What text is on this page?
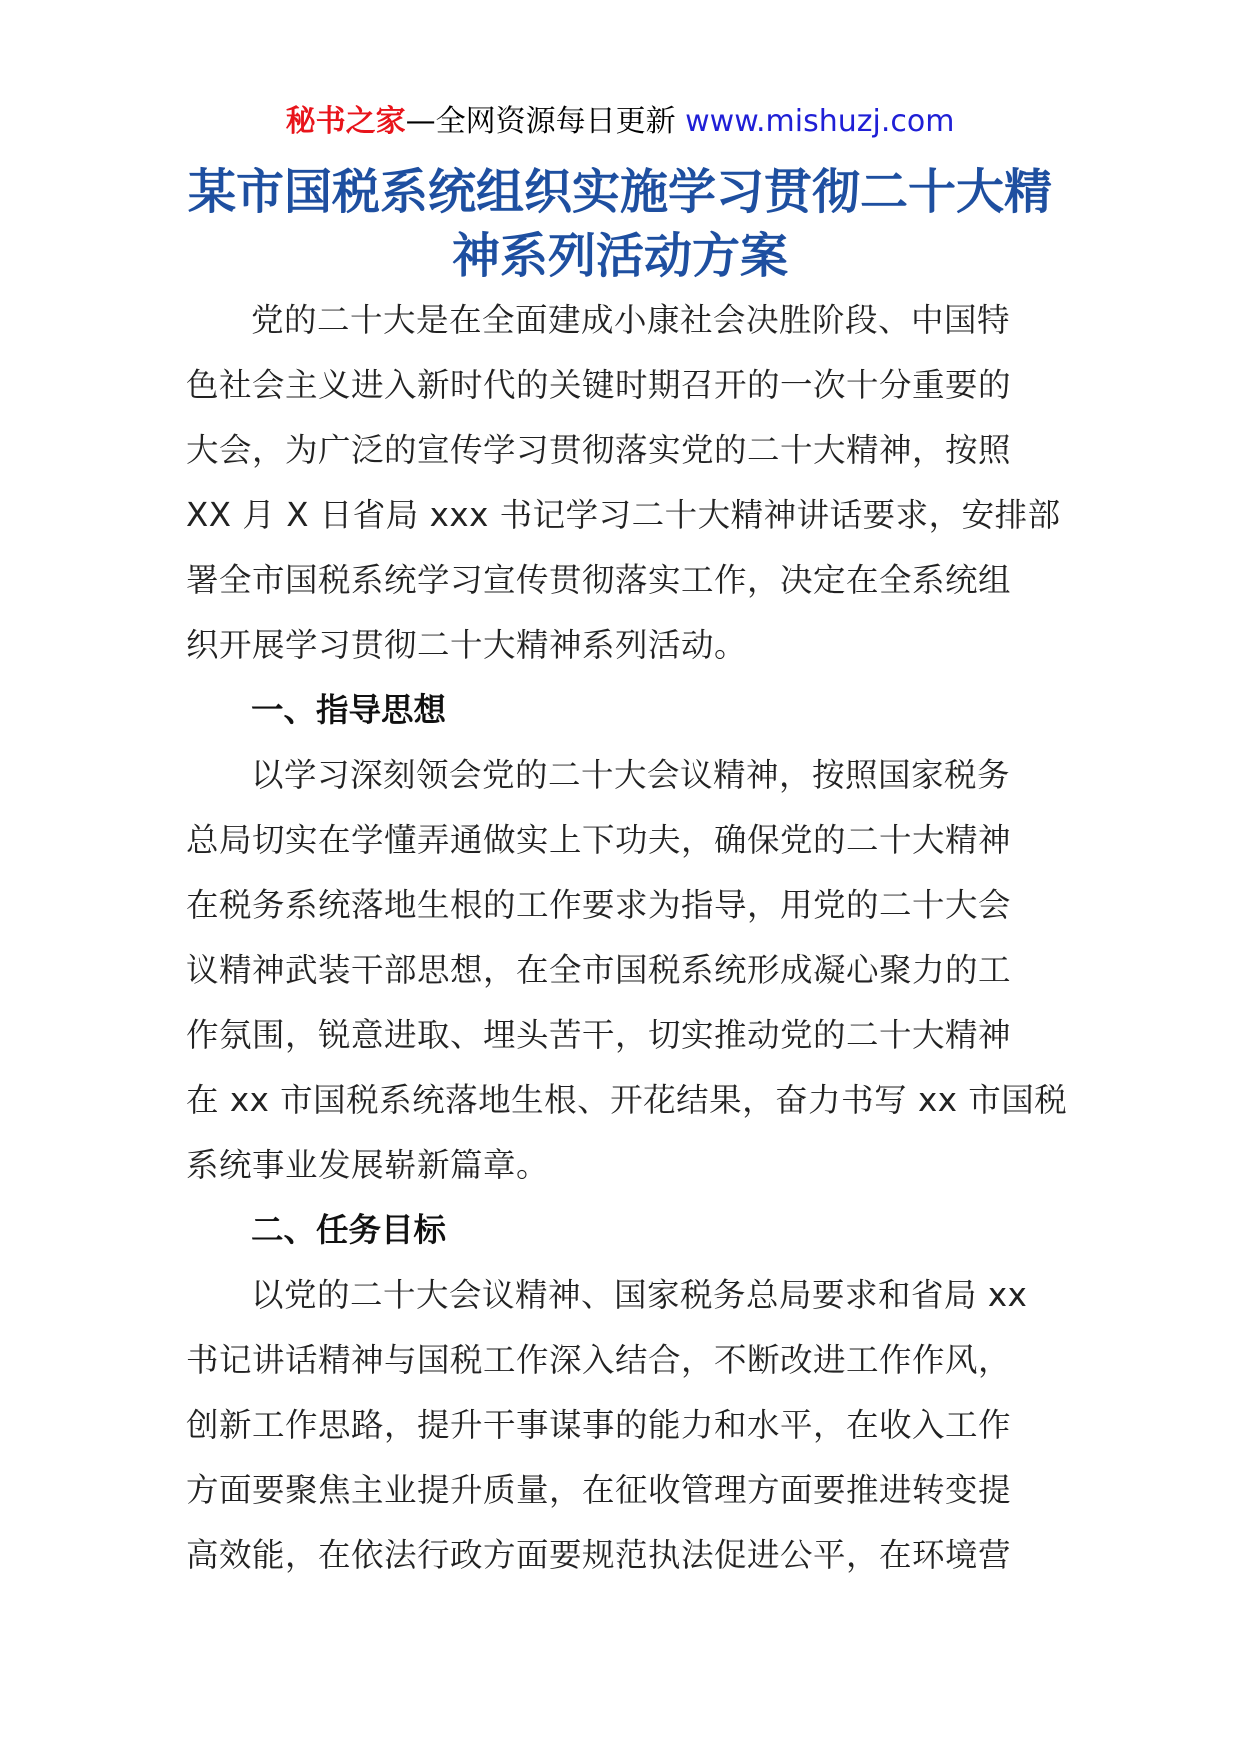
秘书之家—全网资源每日更新 www.mishuzj.com
某市国税系统组织实施学习贯彻二十大精
神系列活动方案

党的二十大是在全面建成小康社会决胜阶段、中国特
色社会主义进入新时代的关键时期召开的一次十分重要的
大会，为广泛的宣传学习贯彻落实党的二十大精神，按照
XX 月 X 日省局 xxx 书记学习二十大精神讲话要求，安排部
署全市国税系统学习宣传贯彻落实工作，决定在全系统组
织开展学习贯彻二十大精神系列活动。

一、指导思想

以学习深刻领会党的二十大会议精神，按照国家税务
总局切实在学懂弄通做实上下功夫，确保党的二十大精神
在税务系统落地生根的工作要求为指导，用党的二十大会
议精神武装干部思想，在全市国税系统形成凝心聚力的工
作氛围，锐意进取、埋头苦干，切实推动党的二十大精神
在 xx 市国税系统落地生根、开花结果，奋力书写 xx 市国税
系统事业发展崭新篇章。

二、任务目标

以党的二十大会议精神、国家税务总局要求和省局 xx
书记讲话精神与国税工作深入结合，不断改进工作作风，
创新工作思路，提升干事谋事的能力和水平，在收入工作
方面要聚焦主业提升质量，在征收管理方面要推进转变提
高效能，在依法行政方面要规范执法促进公平，在环境营
